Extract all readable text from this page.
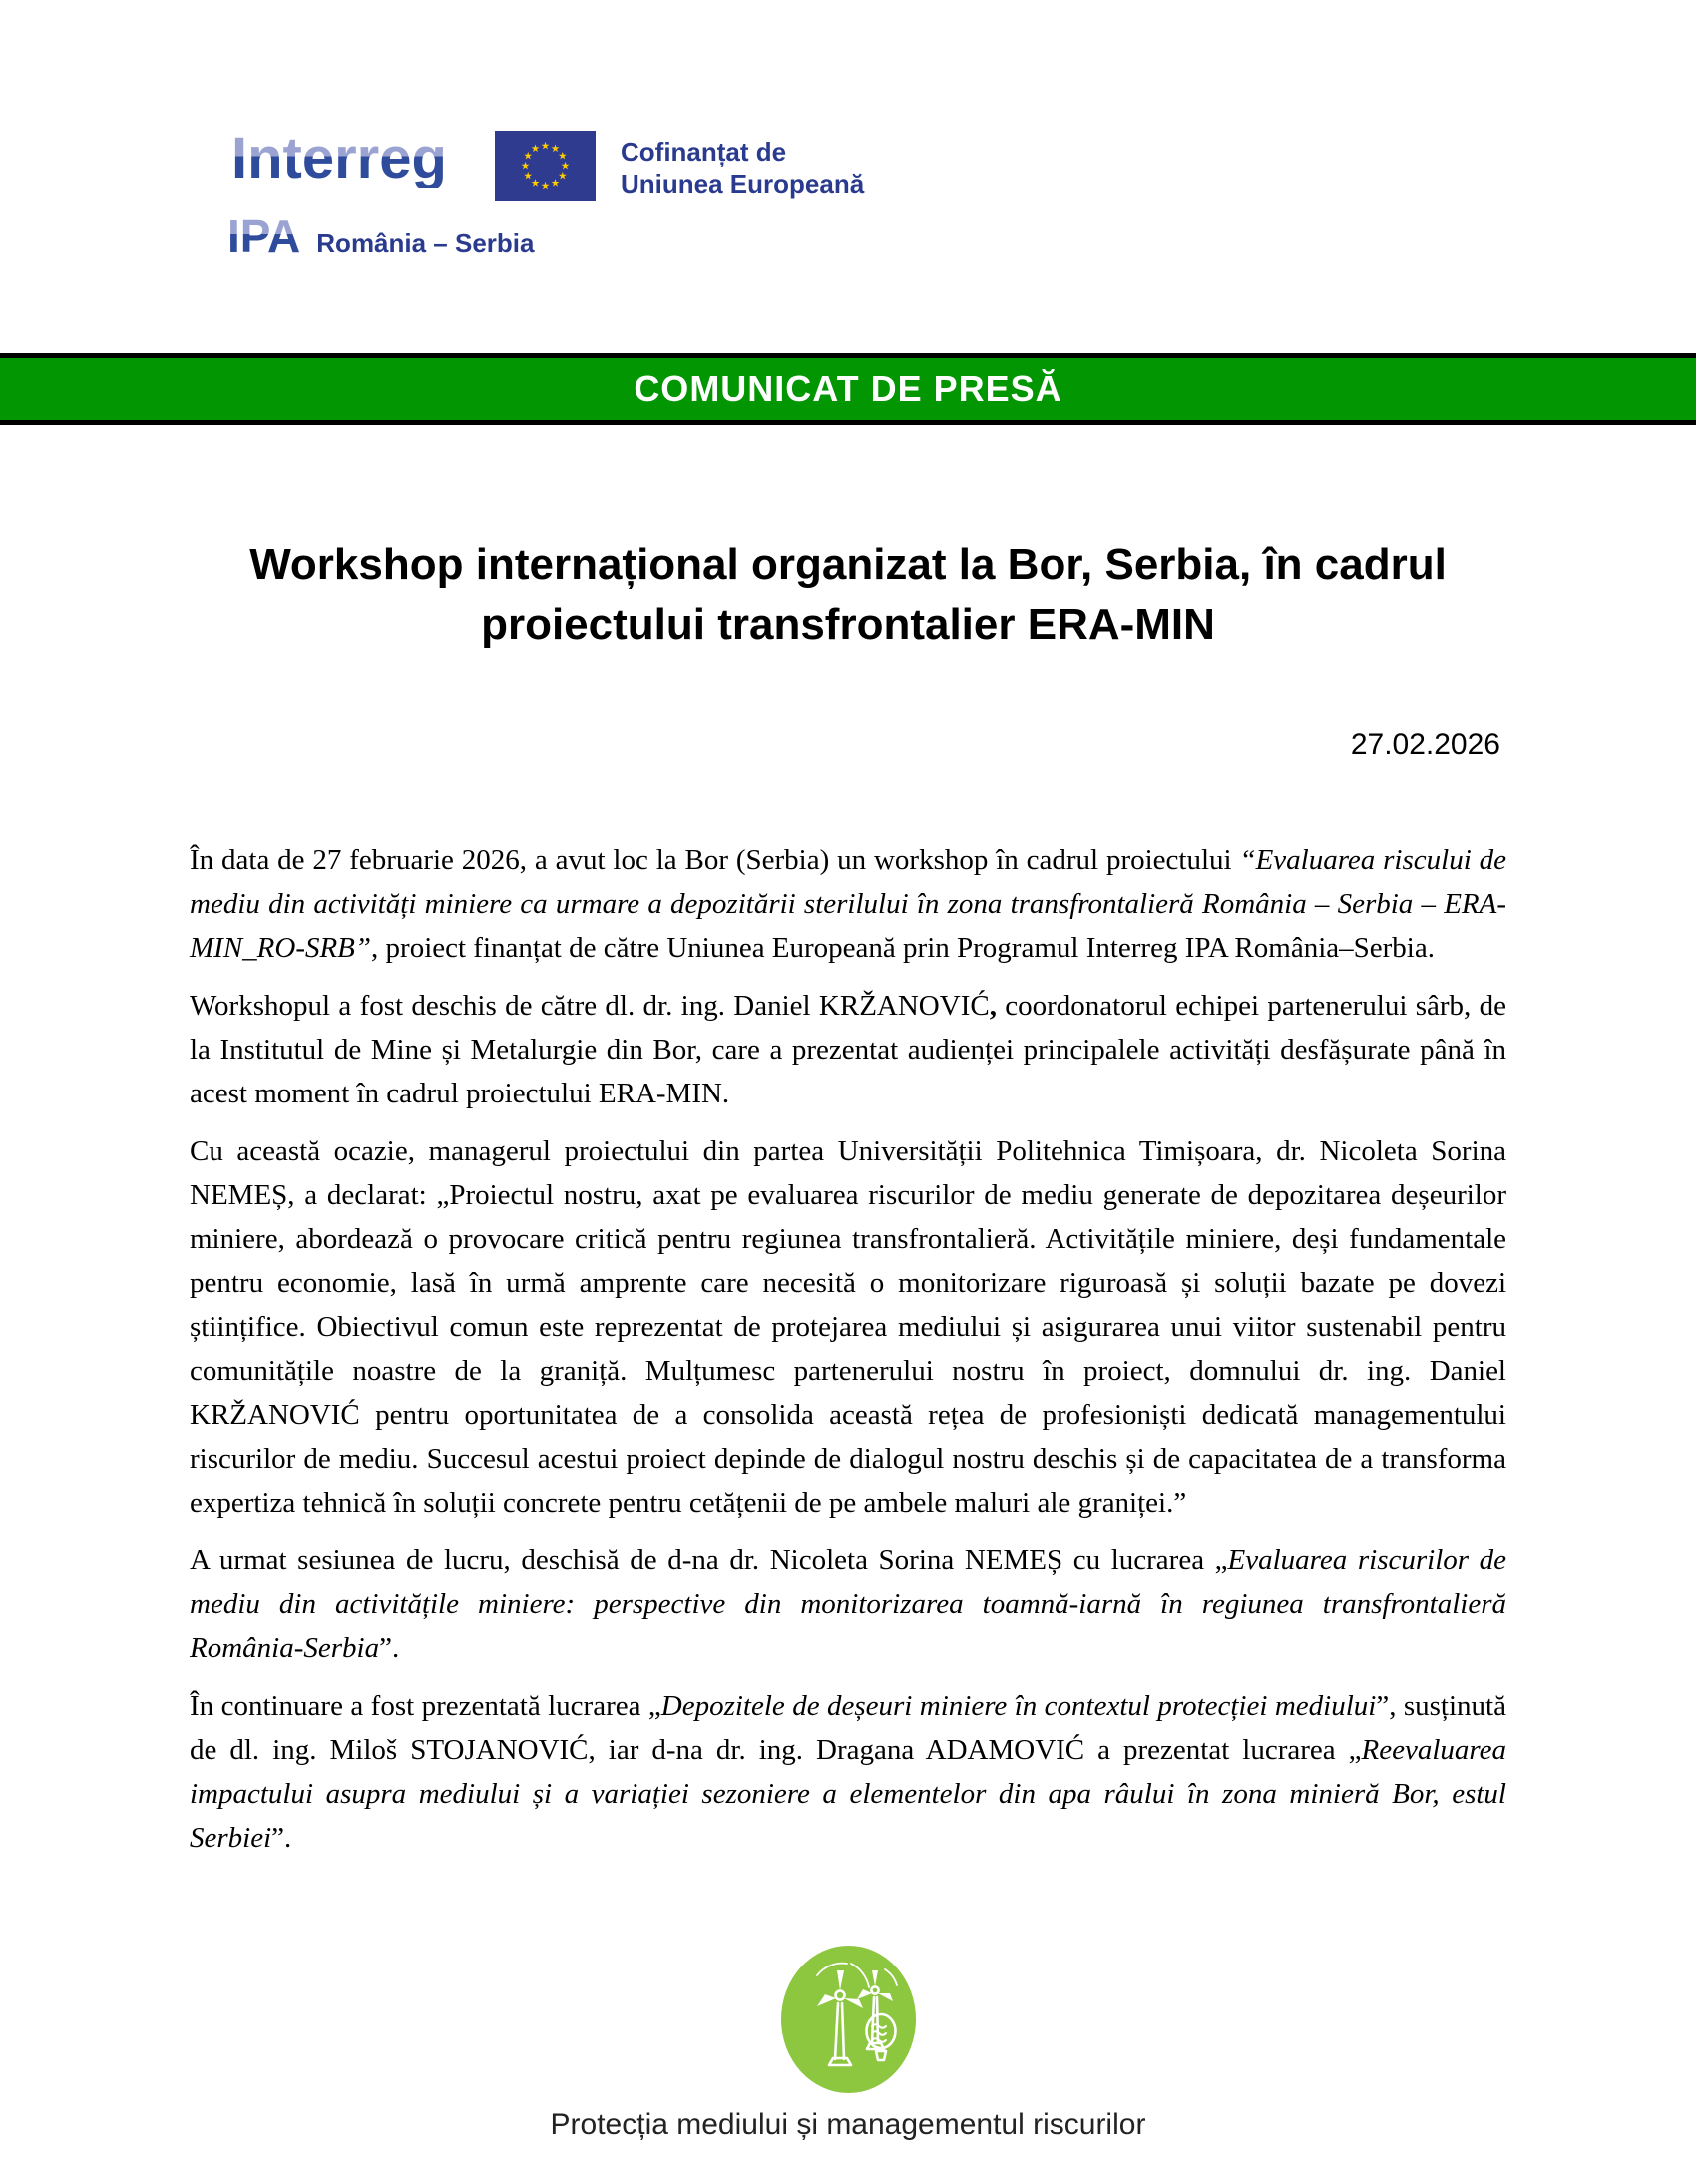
Interreg	Cofinanțat de
Uniunea Europeană
IPA România – Serbia
COMUNICAT DE PRESĂ
Workshop internațional organizat la Bor, Serbia, în cadrul
proiectului transfrontalier ERA-MIN
27.02.2026

În data de 27 februarie 2026, a avut loc la Bor (Serbia) un workshop în cadrul proiectului “Evaluarea riscului de mediu din activități miniere ca urmare a depozitării sterilului în zona transfrontalieră România – Serbia – ERA-MIN_RO-SRB”, proiect finanțat de către Uniunea Europeană prin Programul Interreg IPA România–Serbia.

Workshopul a fost deschis de către dl. dr. ing. Daniel KRŽANOVIĆ, coordonatorul echipei partenerului sârb, de la Institutul de Mine și Metalurgie din Bor, care a prezentat audienței principalele activități desfășurate până în acest moment în cadrul proiectului ERA-MIN.

Cu această ocazie, managerul proiectului din partea Universității Politehnica Timișoara, dr. Nicoleta Sorina NEMEȘ, a declarat: „Proiectul nostru, axat pe evaluarea riscurilor de mediu generate de depozitarea deșeurilor miniere, abordează o provocare critică pentru regiunea transfrontalieră. Activitățile miniere, deși fundamentale pentru economie, lasă în urmă amprente care necesită o monitorizare riguroasă și soluții bazate pe dovezi științifice. Obiectivul comun este reprezentat de protejarea mediului și asigurarea unui viitor sustenabil pentru comunitățile noastre de la graniță. Mulțumesc partenerului nostru în proiect, domnului dr. ing. Daniel KRŽANOVIĆ pentru oportunitatea de a consolida această rețea de profesioniști dedicată managementului riscurilor de mediu. Succesul acestui proiect depinde de dialogul nostru deschis și de capacitatea de a transforma expertiza tehnică în soluții concrete pentru cetățenii de pe ambele maluri ale graniței.”

A urmat sesiunea de lucru, deschisă de d-na dr. Nicoleta Sorina NEMEȘ cu lucrarea „Evaluarea riscurilor de mediu din activitățile miniere: perspective din monitorizarea toamnă-iarnă în regiunea transfrontalieră România-Serbia”.

În continuare a fost prezentată lucrarea „Depozitele de deșeuri miniere în contextul protecției mediului”, susținută de dl. ing. Miloš STOJANOVIĆ, iar d-na dr. ing. Dragana ADAMOVIĆ a prezentat lucrarea „Reevaluarea impactului asupra mediului și a variației sezoniere a elementelor din apa râului în zona minieră Bor, estul Serbiei”.

Protecția mediului și managementul riscurilor
